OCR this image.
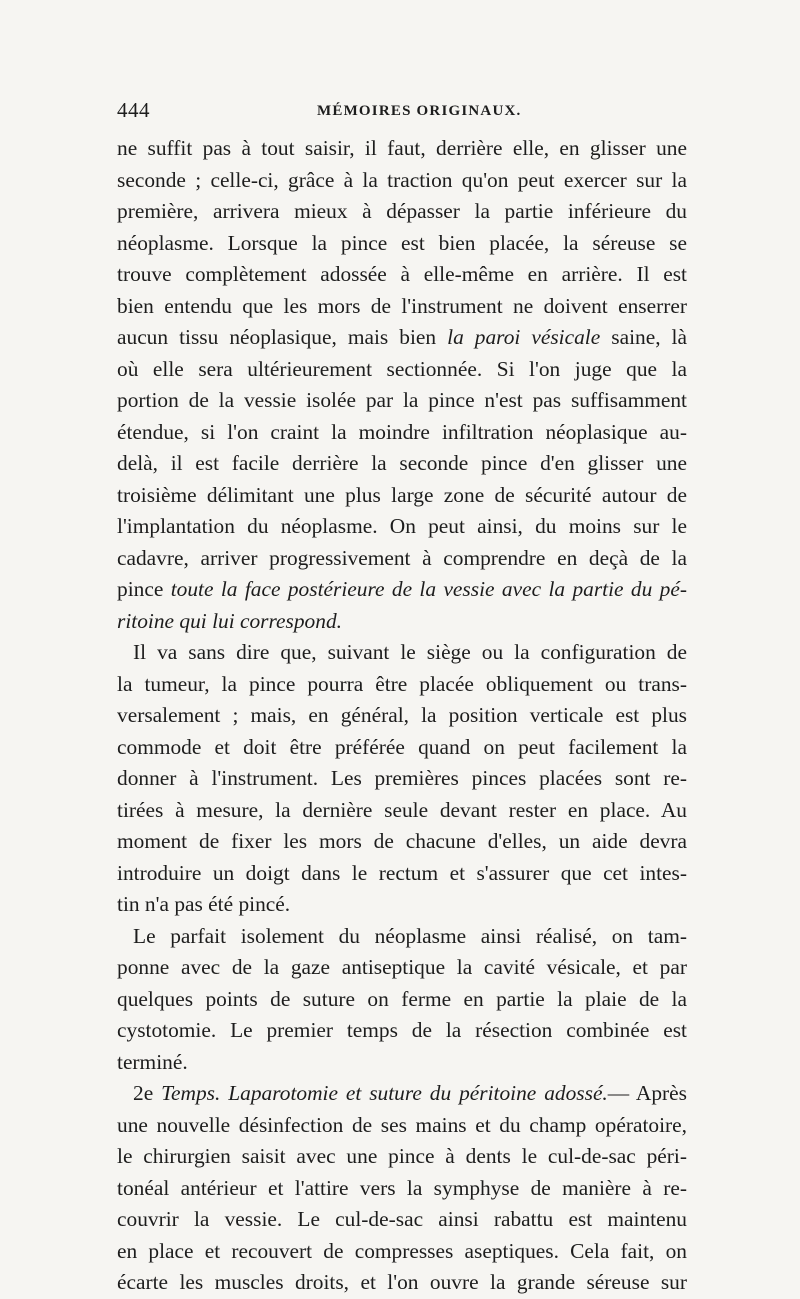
444	MÉMOIRES ORIGINAUX.
ne suffit pas à tout saisir, il faut, derrière elle, en glisser une
seconde ; celle-ci, grâce à la traction qu'on peut exercer sur la
première, arrivera mieux à dépasser la partie inférieure du
néoplasme. Lorsque la pince est bien placée, la séreuse se
trouve complètement adossée à elle-même en arrière. Il est
bien entendu que les mors de l'instrument ne doivent enserrer
aucun tissu néoplasique, mais bien la paroi vésicale saine, là
où elle sera ultérieurement sectionnée. Si l'on juge que la
portion de la vessie isolée par la pince n'est pas suffisamment
étendue, si l'on craint la moindre infiltration néoplasique au-
delà, il est facile derrière la seconde pince d'en glisser une
troisième délimitant une plus large zone de sécurité autour de
l'implantation du néoplasme. On peut ainsi, du moins sur le
cadavre, arriver progressivement à comprendre en deçà de la
pince toute la face postérieure de la vessie avec la partie du pé-
ritoine qui lui correspond.
Il va sans dire que, suivant le siège ou la configuration de
la tumeur, la pince pourra être placée obliquement ou trans-
versalement ; mais, en général, la position verticale est plus
commode et doit être préférée quand on peut facilement la
donner à l'instrument. Les premières pinces placées sont re-
tirées à mesure, la dernière seule devant rester en place. Au
moment de fixer les mors de chacune d'elles, un aide devra
introduire un doigt dans le rectum et s'assurer que cet intes-
tin n'a pas été pincé.
Le parfait isolement du néoplasme ainsi réalisé, on tam-
ponne avec de la gaze antiseptique la cavité vésicale, et par
quelques points de suture on ferme en partie la plaie de la
cystotomie. Le premier temps de la résection combinée est
terminé.
2e Temps. Laparotomie et suture du péritoine adossé.— Après
une nouvelle désinfection de ses mains et du champ opératoire,
le chirurgien saisit avec une pince à dents le cul-de-sac péri-
tonéal antérieur et l'attire vers la symphyse de manière à re-
couvrir la vessie. Le cul-de-sac ainsi rabattu est maintenu
en place et recouvert de compresses aseptiques. Cela fait, on
écarte les muscles droits, et l'on ouvre la grande séreuse sur
